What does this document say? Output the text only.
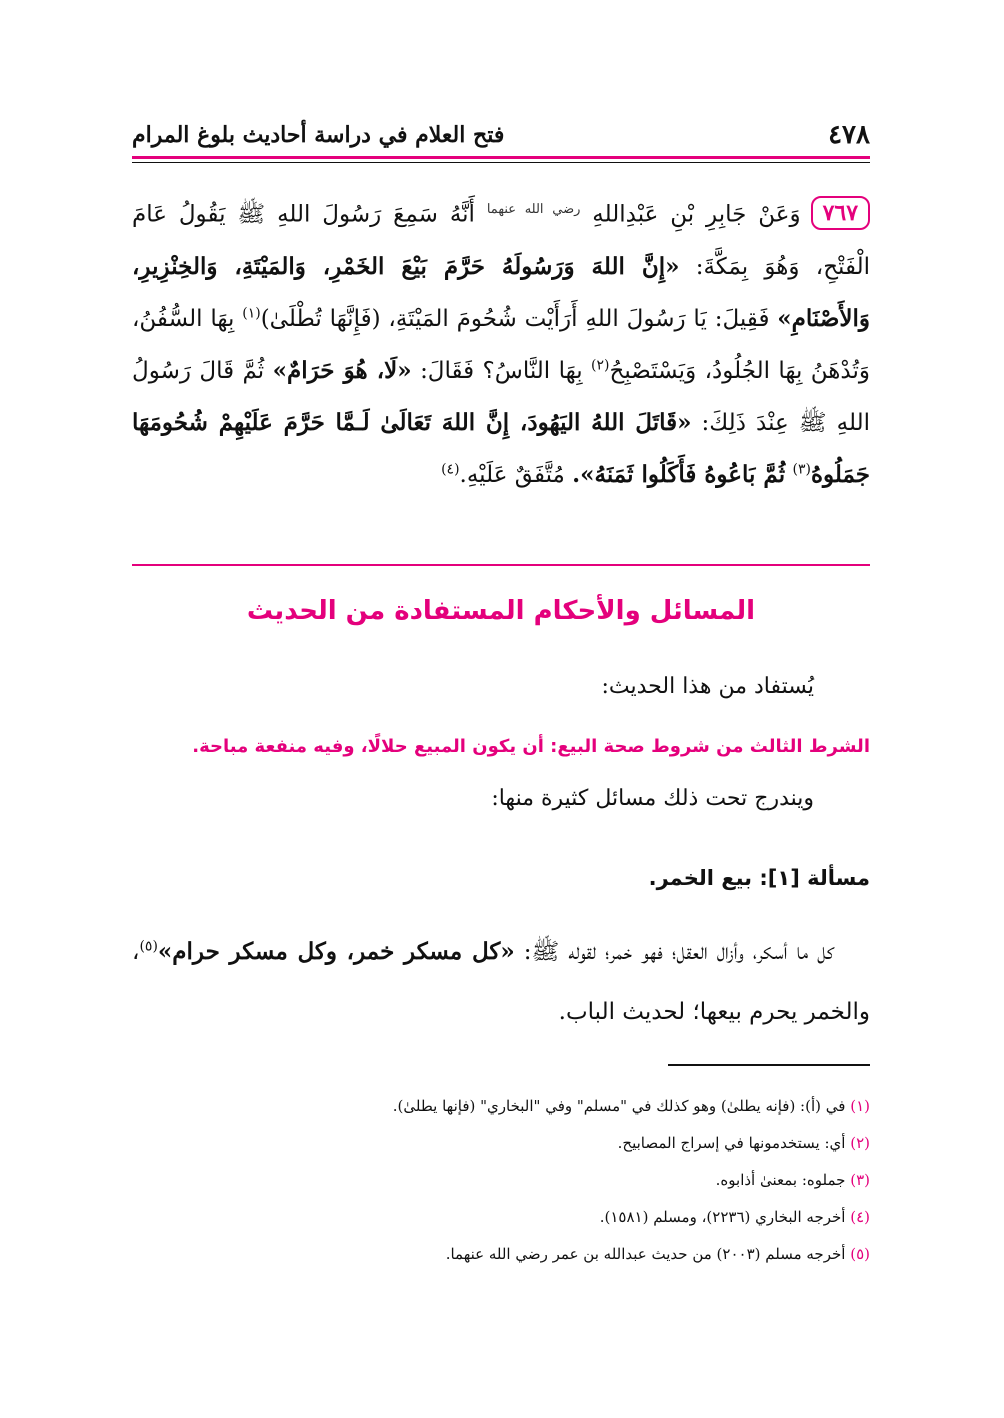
٤٧٨
فتح العلام في دراسة أحاديث بلوغ المرام
٧٦٧وَعَنْ جَابِرِ بْنِ عَبْدِاللهِ $^{رضي الله عنهما}$ أَنَّهُ سَمِعَ رَسُولَ اللهِ ﷺ يَقُولُ عَامَ الْفَتْحِ، وَهُوَ بِمَكَّةَ: «إِنَّ اللهَ وَرَسُولَهُ حَرَّمَ بَيْعَ الخَمْرِ، وَالمَيْتَةِ، وَالخِنْزِيرِ، وَالأَصْنَامِ» فَقِيلَ: يَا رَسُولَ اللهِ أَرَأَيْت شُحُومَ المَيْتَةِ، (فَإِنَّهَا تُطْلَىٰ)$^{(١)}$ بِهَا السُّفُنُ، وَتُدْهَنُ بِهَا الجُلُودُ، وَيَسْتَصْبِحُ$^{(٢)}$ بِهَا النَّاسُ؟ فَقَالَ: «لَا، هُوَ حَرَامٌ» ثُمَّ قَالَ رَسُولُ اللهِ ﷺ عِنْدَ ذَلِكَ: «قَاتَلَ اللهُ اليَهُودَ، إِنَّ اللهَ تَعَالَىٰ لَـمَّا حَرَّمَ عَلَيْهِمْ شُحُومَهَا جَمَلُوهُ$^{(٣)}$ ثُمَّ بَاعُوهُ فَأَكَلُوا ثَمَنَهُ». مُتَّفَقٌ عَلَيْهِ.$^{(٤)}$
المسائل والأحكام المستفادة من الحديث
يُستفاد من هذا الحديث:
الشرط الثالث من شروط صحة البيع: أن يكون المبيع حلالًا، وفيه منفعة مباحة.
ويندرج تحت ذلك مسائل كثيرة منها:
مسألة [١]: بيع الخمر.
كل ما أسكر، وأزال العقل؛ فهو خمر؛ لقوله ﷺ: «كل مسكر خمر، وكل مسكر حرام»$^{(٥)}$، والخمر يحرم بيعها؛ لحديث الباب.
(١) في (أ): (فإنه يطلىٰ) وهو كذلك في "مسلم" وفي "البخاري" (فإنها يطلىٰ).
(٢) أي: يستخدمونها في إسراج المصابيح.
(٣) جملوه: بمعنىٰ أذابوه.
(٤) أخرجه البخاري (٢٢٣٦)، ومسلم (١٥٨١).
(٥) أخرجه مسلم (٢٠٠٣) من حديث عبدالله بن عمر رضي الله عنهما.
